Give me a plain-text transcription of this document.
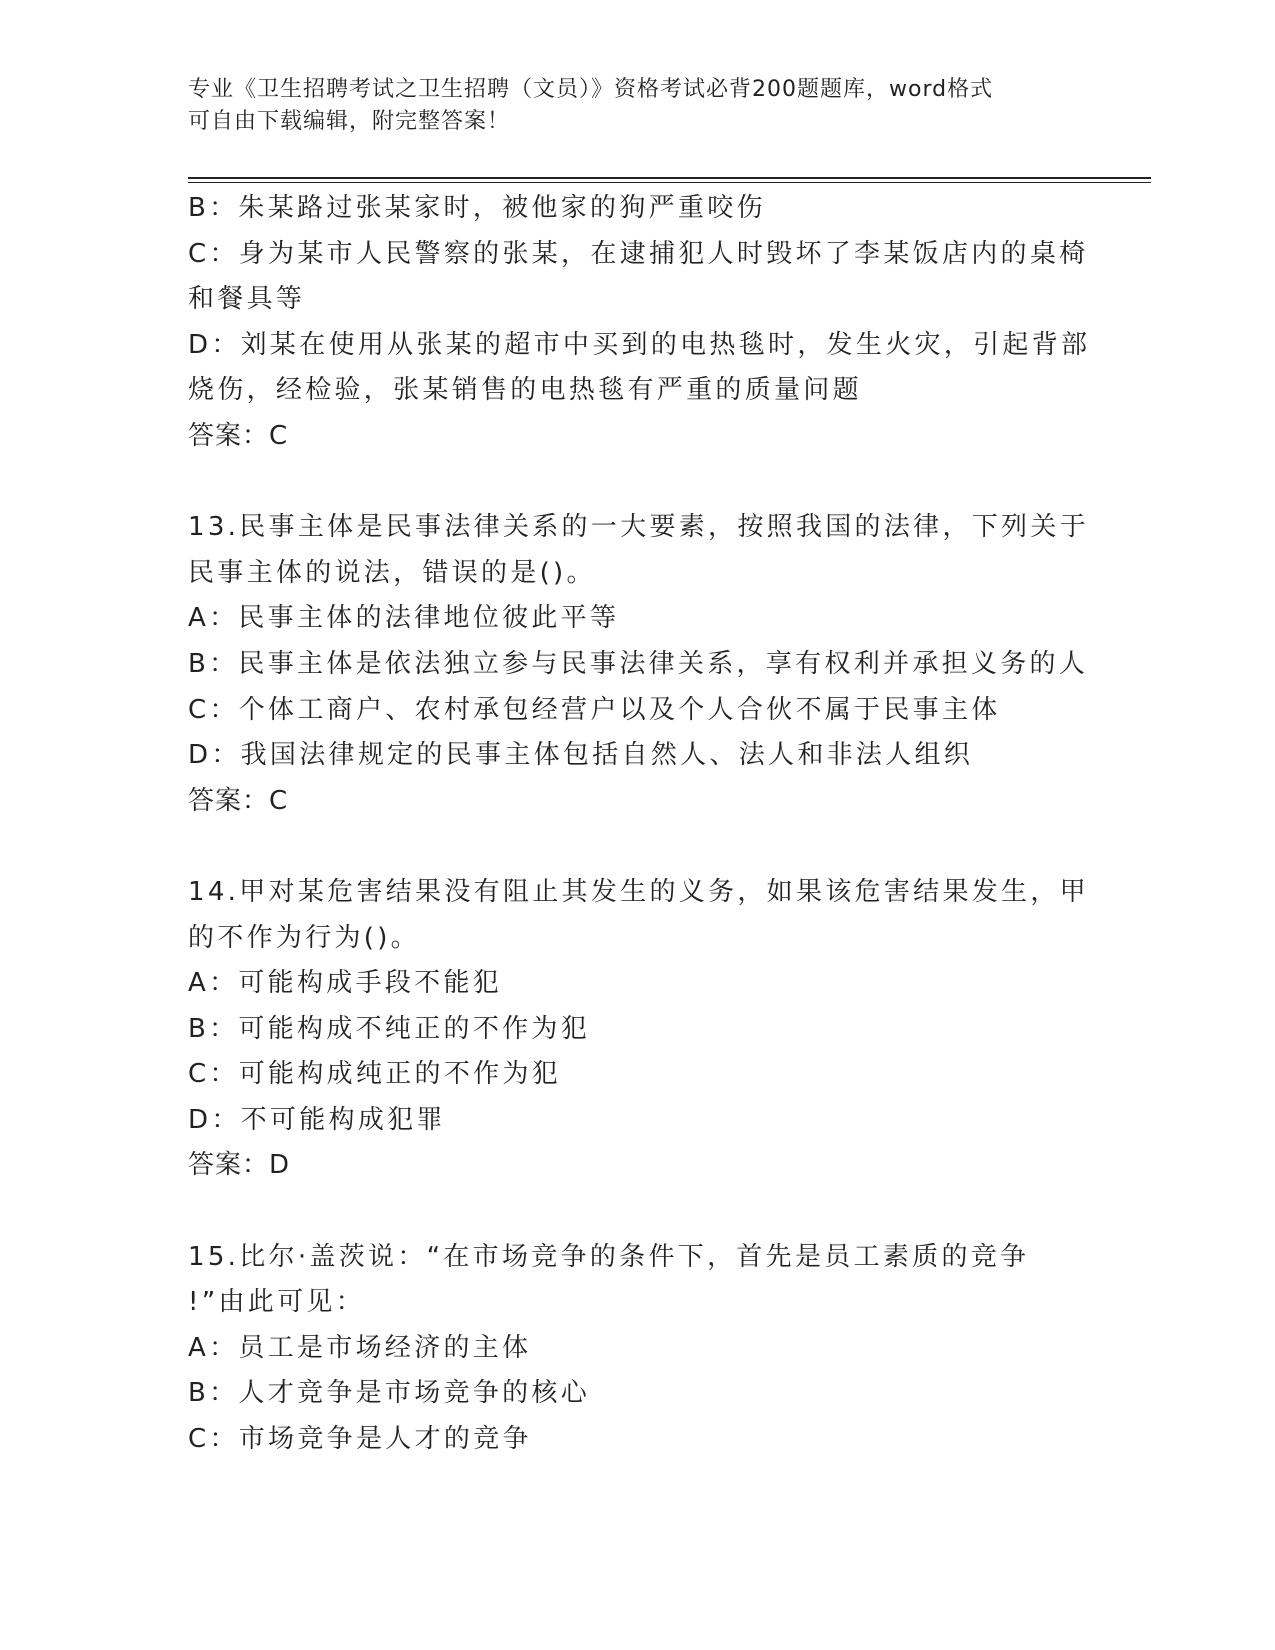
专业《卫生招聘考试之卫生招聘（文员）》资格考试必背200题题库，word格式
可自由下载编辑，附完整答案！
B：朱某路过张某家时，被他家的狗严重咬伤
C：身为某市人民警察的张某，在逮捕犯人时毁坏了李某饭店内的桌椅
和餐具等
D：刘某在使用从张某的超市中买到的电热毯时，发生火灾，引起背部
烧伤，经检验，张某销售的电热毯有严重的质量问题
答案：C
13.民事主体是民事法律关系的一大要素，按照我国的法律，下列关于
民事主体的说法，错误的是()。
A：民事主体的法律地位彼此平等
B：民事主体是依法独立参与民事法律关系，享有权利并承担义务的人
C：个体工商户、农村承包经营户以及个人合伙不属于民事主体
D：我国法律规定的民事主体包括自然人、法人和非法人组织
答案：C
14.甲对某危害结果没有阻止其发生的义务，如果该危害结果发生，甲
的不作为行为()。
A：可能构成手段不能犯
B：可能构成不纯正的不作为犯
C：可能构成纯正的不作为犯
D：不可能构成犯罪
答案：D
15.比尔·盖茨说：“在市场竞争的条件下，首先是员工素质的竞争
!”由此可见：
A：员工是市场经济的主体
B：人才竞争是市场竞争的核心
C：市场竞争是人才的竞争
